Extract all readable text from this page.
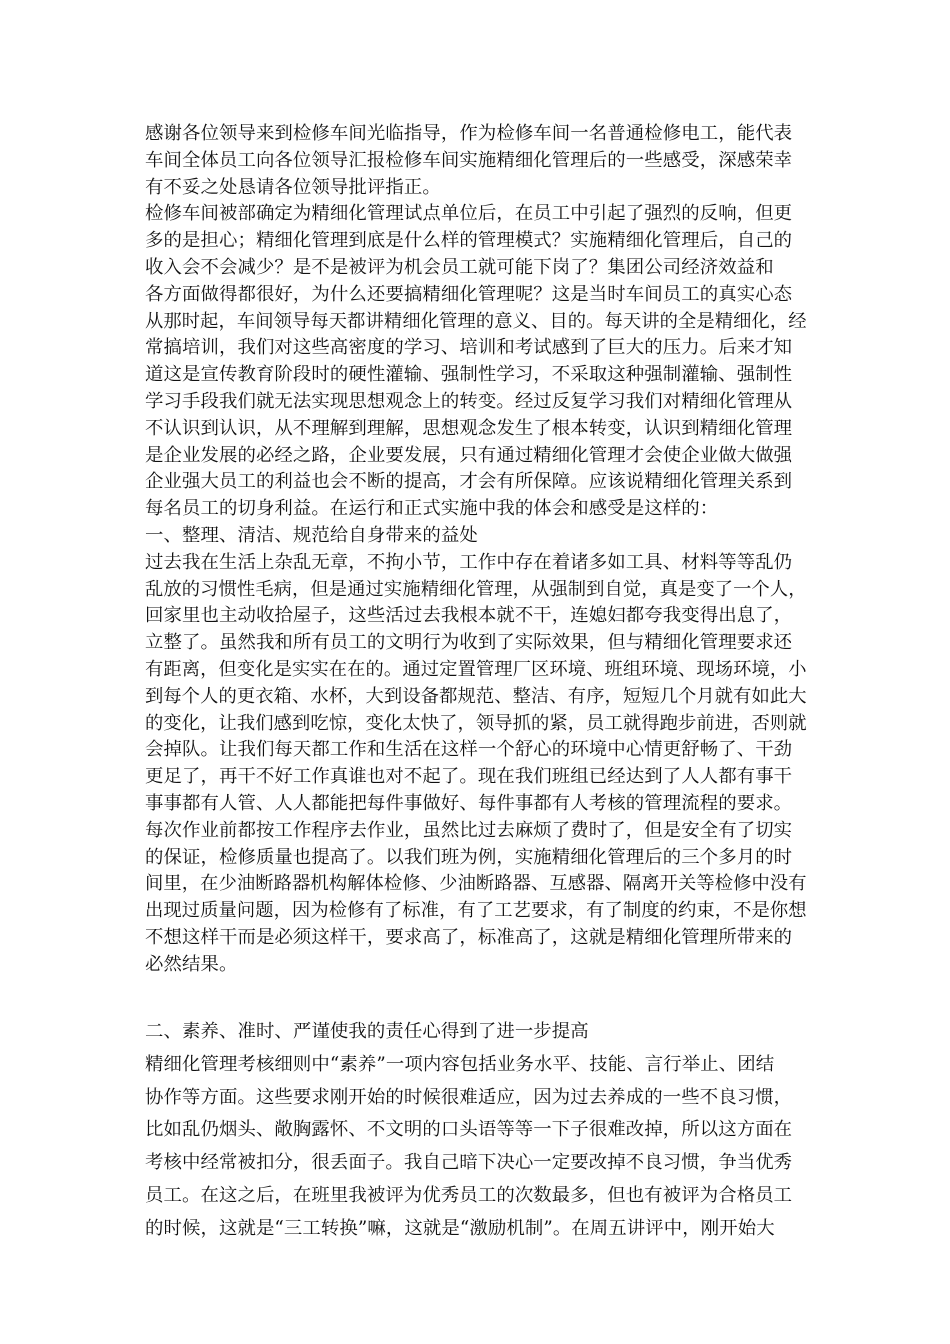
感谢各位领导来到检修车间光临指导，作为检修车间一名普通检修电工，能代表
车间全体员工向各位领导汇报检修车间实施精细化管理后的一些感受，深感荣幸
有不妥之处恳请各位领导批评指正。
检修车间被部确定为精细化管理试点单位后，在员工中引起了强烈的反响，但更
多的是担心；精细化管理到底是什么样的管理模式？实施精细化管理后，自己的
收入会不会减少？是不是被评为机会员工就可能下岗了？集团公司经济效益和
各方面做得都很好，为什么还要搞精细化管理呢？这是当时车间员工的真实心态
从那时起，车间领导每天都讲精细化管理的意义、目的。每天讲的全是精细化，经
常搞培训，我们对这些高密度的学习、培训和考试感到了巨大的压力。后来才知
道这是宣传教育阶段时的硬性灌输、强制性学习，不采取这种强制灌输、强制性
学习手段我们就无法实现思想观念上的转变。经过反复学习我们对精细化管理从
不认识到认识，从不理解到理解，思想观念发生了根本转变，认识到精细化管理
是企业发展的必经之路，企业要发展，只有通过精细化管理才会使企业做大做强
企业强大员工的利益也会不断的提高，才会有所保障。应该说精细化管理关系到
每名员工的切身利益。在运行和正式实施中我的体会和感受是这样的：
一、整理、清洁、规范给自身带来的益处
过去我在生活上杂乱无章，不拘小节，工作中存在着诸多如工具、材料等等乱仍
乱放的习惯性毛病，但是通过实施精细化管理，从强制到自觉，真是变了一个人，
回家里也主动收拾屋子，这些活过去我根本就不干，连媳妇都夸我变得出息了，
立整了。虽然我和所有员工的文明行为收到了实际效果，但与精细化管理要求还
有距离，但变化是实实在在的。通过定置管理厂区环境、班组环境、现场环境，小
到每个人的更衣箱、水杯，大到设备都规范、整洁、有序，短短几个月就有如此大
的变化，让我们感到吃惊，变化太快了，领导抓的紧，员工就得跑步前进，否则就
会掉队。让我们每天都工作和生活在这样一个舒心的环境中心情更舒畅了、干劲
更足了，再干不好工作真谁也对不起了。现在我们班组已经达到了人人都有事干
事事都有人管、人人都能把每件事做好、每件事都有人考核的管理流程的要求。
每次作业前都按工作程序去作业，虽然比过去麻烦了费时了，但是安全有了切实
的保证，检修质量也提高了。以我们班为例，实施精细化管理后的三个多月的时
间里，在少油断路器机构解体检修、少油断路器、互感器、隔离开关等检修中没有
出现过质量问题，因为检修有了标准，有了工艺要求，有了制度的约束，不是你想
不想这样干而是必须这样干，要求高了，标准高了，这就是精细化管理所带来的
必然结果。
二、素养、准时、严谨使我的责任心得到了进一步提高
精细化管理考核细则中“素养”一项内容包括业务水平、技能、言行举止、团结
协作等方面。这些要求刚开始的时候很难适应，因为过去养成的一些不良习惯，
比如乱仍烟头、敞胸露怀、不文明的口头语等等一下子很难改掉，所以这方面在
考核中经常被扣分，很丢面子。我自己暗下决心一定要改掉不良习惯，争当优秀
员工。在这之后，在班里我被评为优秀员工的次数最多，但也有被评为合格员工
的时候，这就是“三工转换”嘛，这就是“激励机制”。在周五讲评中，刚开始大
